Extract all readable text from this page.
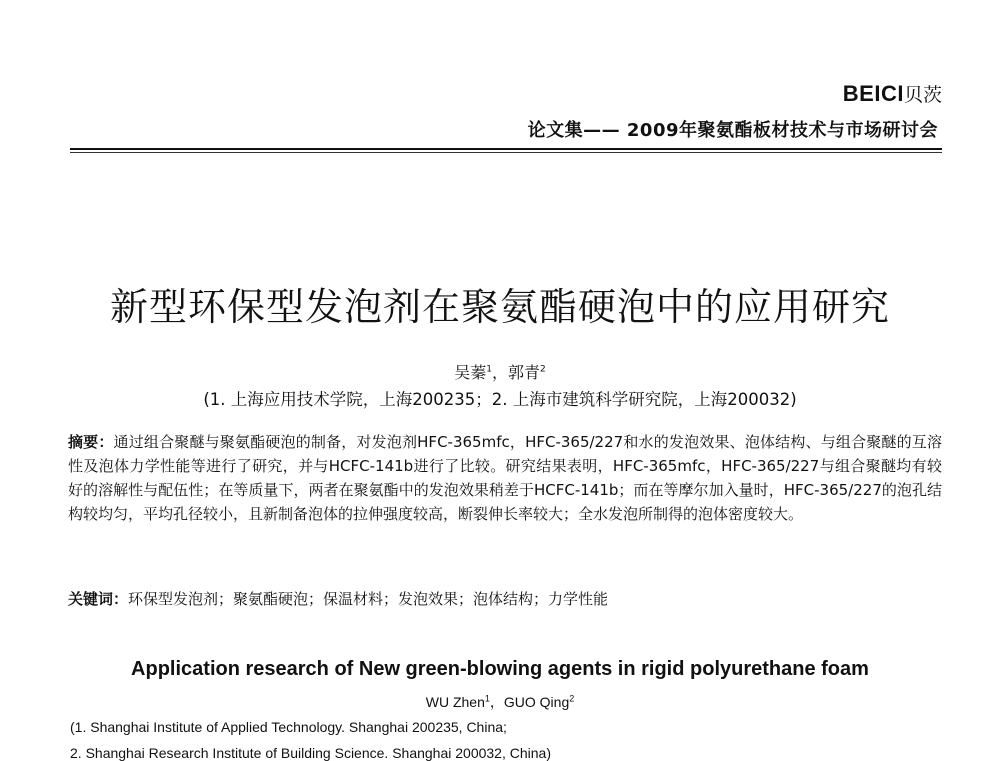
BEICI贝茨
论文集—— 2009年聚氨酯板材技术与市场研讨会
新型环保型发泡剂在聚氨酯硬泡中的应用研究
吴蓁$^1$，郭青$^2$
(1. 上海应用技术学院，上海200235；2. 上海市建筑科学研究院，上海200032)
摘要：通过组合聚醚与聚氨酯硬泡的制备，对发泡剂HFC-365mfc，HFC-365/227和水的发泡效果、泡体结构、与组合聚醚的互溶性及泡体力学性能等进行了研究，并与HCFC-141b进行了比较。研究结果表明，HFC-365mfc，HFC-365/227与组合聚醚均有较好的溶解性与配伍性；在等质量下，两者在聚氨酯中的发泡效果稍差于HCFC-141b；而在等摩尔加入量时，HFC-365/227的泡孔结构较均匀，平均孔径较小，且新制备泡体的拉伸强度较高，断裂伸长率较大；全水发泡所制得的泡体密度较大。
关键词：环保型发泡剂；聚氨酯硬泡；保温材料；发泡效果；泡体结构；力学性能
Application research of New green-blowing agents in rigid polyurethane foam
WU Zhen$^1$，GUO Qing$^2$
(1. Shanghai Institute of Applied Technology. Shanghai 200235, China;
2. Shanghai Research Institute of Building Science. Shanghai 200032, China)
